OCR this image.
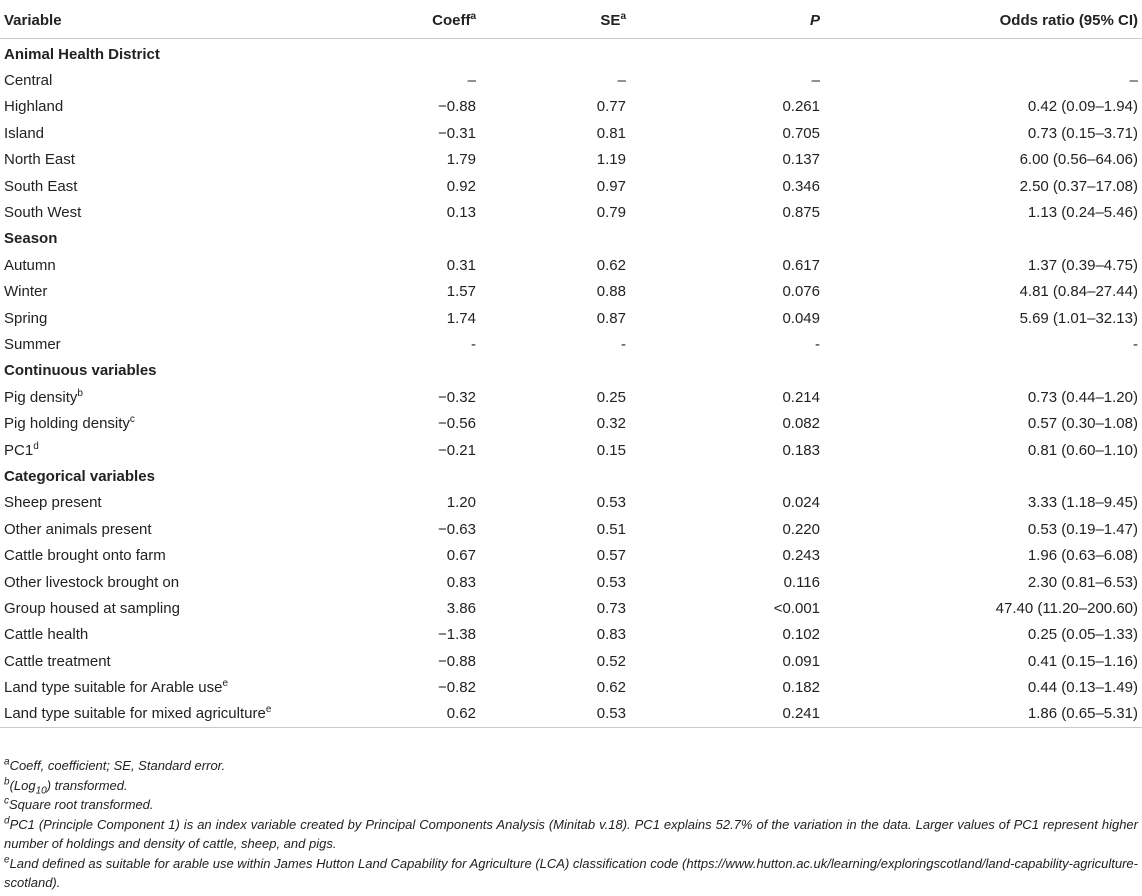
Variable	Coeff$^a$	$SE^a$	P	Odds ratio (95% CI)
Animal Health District				
Central	–	–	–	–
Highland	−0.88	0.77	0.261	0.42 (0.09–1.94)
Island	−0.31	0.81	0.705	0.73 (0.15–3.71)
North East	1.79	1.19	0.137	6.00 (0.56–64.06)
South East	0.92	0.97	0.346	2.50 (0.37–17.08)
South West	0.13	0.79	0.875	1.13 (0.24–5.46)
Season				
Autumn	0.31	0.62	0.617	1.37 (0.39–4.75)
Winter	1.57	0.88	0.076	4.81 (0.84–27.44)
Spring	1.74	0.87	0.049	5.69 (1.01–32.13)
Summer	-	-	-	-
Continuous variables				
Pig density$^b$	−0.32	0.25	0.214	0.73 (0.44–1.20)
Pig holding density$^c$	−0.56	0.32	0.082	0.57 (0.30–1.08)
$PC1^d$	−0.21	0.15	0.183	0.81 (0.60–1.10)
Categorical variables				
Sheep present	1.20	0.53	0.024	3.33 (1.18–9.45)
Other animals present	−0.63	0.51	0.220	0.53 (0.19–1.47)
Cattle brought onto farm	0.67	0.57	0.243	1.96 (0.63–6.08)
Other livestock brought on	0.83	0.53	0.116	2.30 (0.81–6.53)
Group housed at sampling	3.86	0.73	<0.001	47.40 (11.20–200.60)
Cattle health	−1.38	0.83	0.102	0.25 (0.05–1.33)
Cattle treatment	−0.88	0.52	0.091	0.41 (0.15–1.16)
Land type suitable for Arable use$^e$	−0.82	0.62	0.182	0.44 (0.13–1.49)
Land type suitable for mixed agriculture$^e$	0.62	0.53	0.241	1.86 (0.65–5.31)

$^a$Coeff, coefficient; SE, Standard error.

$^b$(Log$_{10}$) transformed.

$^c$Square root transformed.

$^d$PC1 (Principle Component 1) is an index variable created by Principal Components Analysis (Minitab v.18). PC1 explains 52.7% of the variation in the data. Larger values of PC1 represent higher number of holdings and density of cattle, sheep, and pigs.

$^e$Land defined as suitable for arable use within James Hutton Land Capability for Agriculture (LCA) classification code (https://www.hutton.ac.uk/learning/exploringscotland/land-capability-agriculture-scotland).
